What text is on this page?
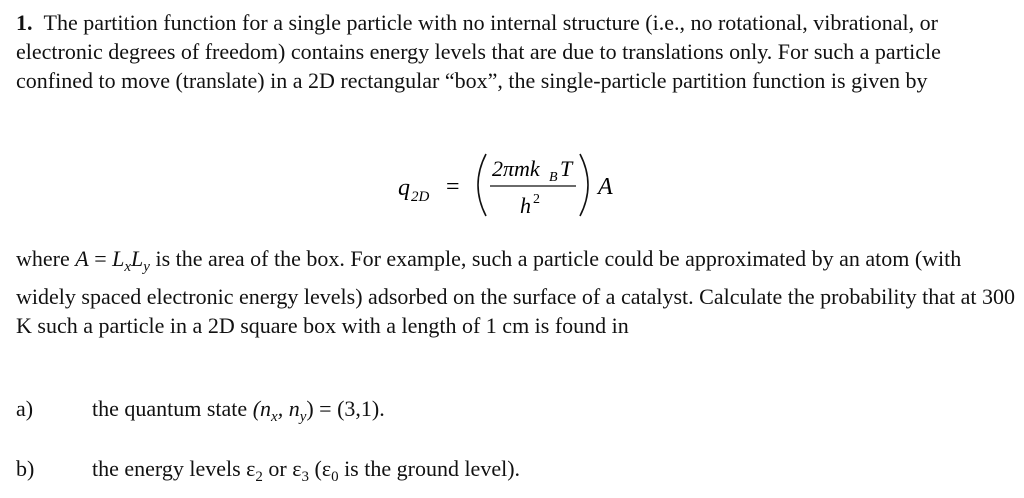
1. The partition function for a single particle with no internal structure (i.e., no rotational, vibrational, or electronic degrees of freedom) contains energy levels that are due to translations only. For such a particle confined to move (translate) in a 2D rectangular “box”, the single-particle partition function is given by

q 2D =
2πmk B T
h 2 A

where $A = L_xL_y$ is the area of the box. For example, such a particle could be approximated by an atom (with widely spaced electronic energy levels) adsorbed on the surface of a catalyst. Calculate the probability that at 300 K such a particle in a 2D square box with a length of 1 cm is found in

a)	the quantum state ($n_x$, $n_y) = (3,1)$.
b)	the energy levels $\varepsilon_2$ or $\varepsilon_3$ ($\varepsilon_0$ is the ground level).
